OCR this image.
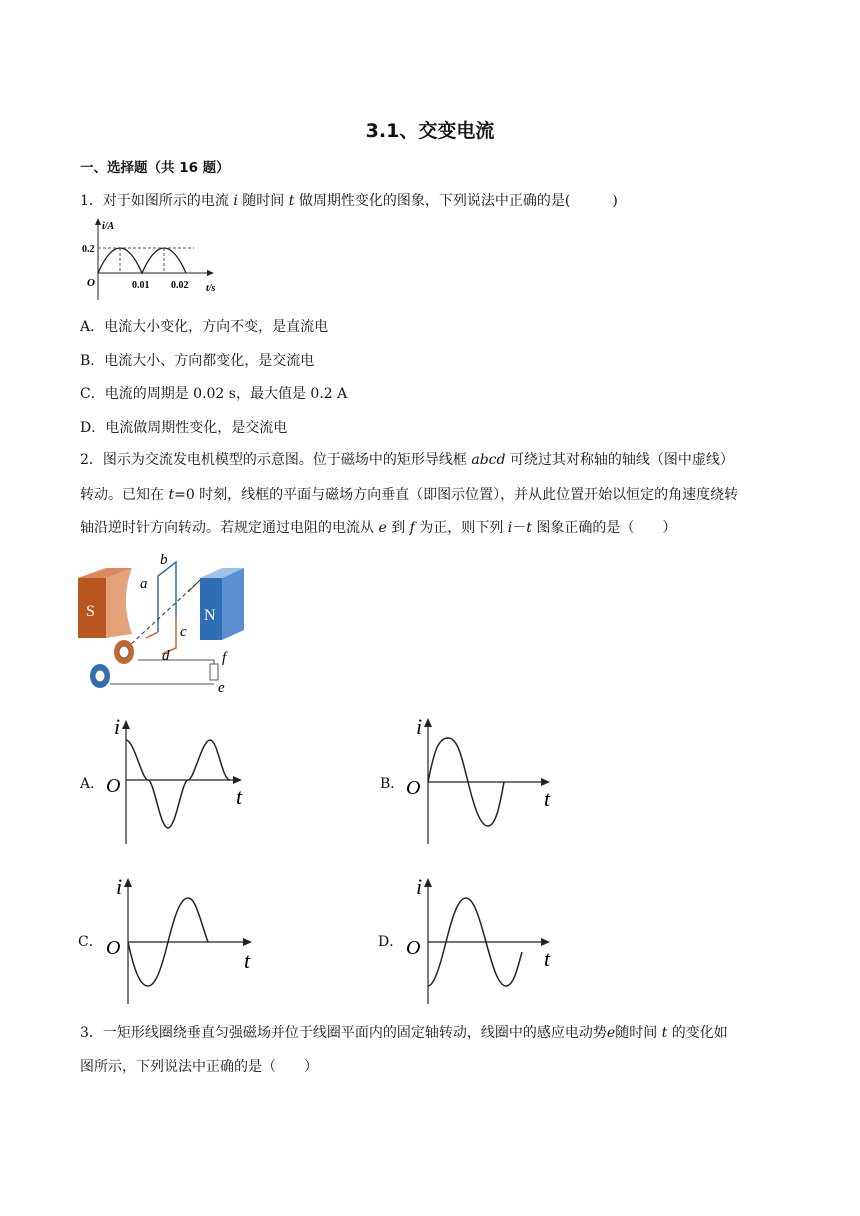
3.1、交变电流
一、选择题（共 16 题）
1．对于如图所示的电流 i 随时间 t 做周期性变化的图象，下列说法中正确的是(　　　)
i/A
0.2
O	0.01 0.02 t/s
A．电流大小变化，方向不变，是直流电
B．电流大小、方向都变化，是交流电
C．电流的周期是 0.02 s，最大值是 0.2 A
D．电流做周期性变化，是交流电
2．图示为交流发电机模型的示意图。位于磁场中的矩形导线框 abcd 可绕过其对称轴的轴线（图中虚线）
转动。已知在 t=0 时刻，线框的平面与磁场方向垂直（即图示位置），并从此位置开始以恒定的角速度绕转
轴沿逆时针方向转动。若规定通过电阻的电流从 e 到 f 为正，则下列 i－t 图象正确的是（　　）
S	N
b
a
c
d	f
e
A．
i
O	t	B．
i
O	t
C．
i
O	t
D．
i
O	t
3．一矩形线圈绕垂直匀强磁场并位于线圈平面内的固定轴转动，线圈中的感应电动势e随时间 t 的变化如
图所示，下列说法中正确的是（　　）
